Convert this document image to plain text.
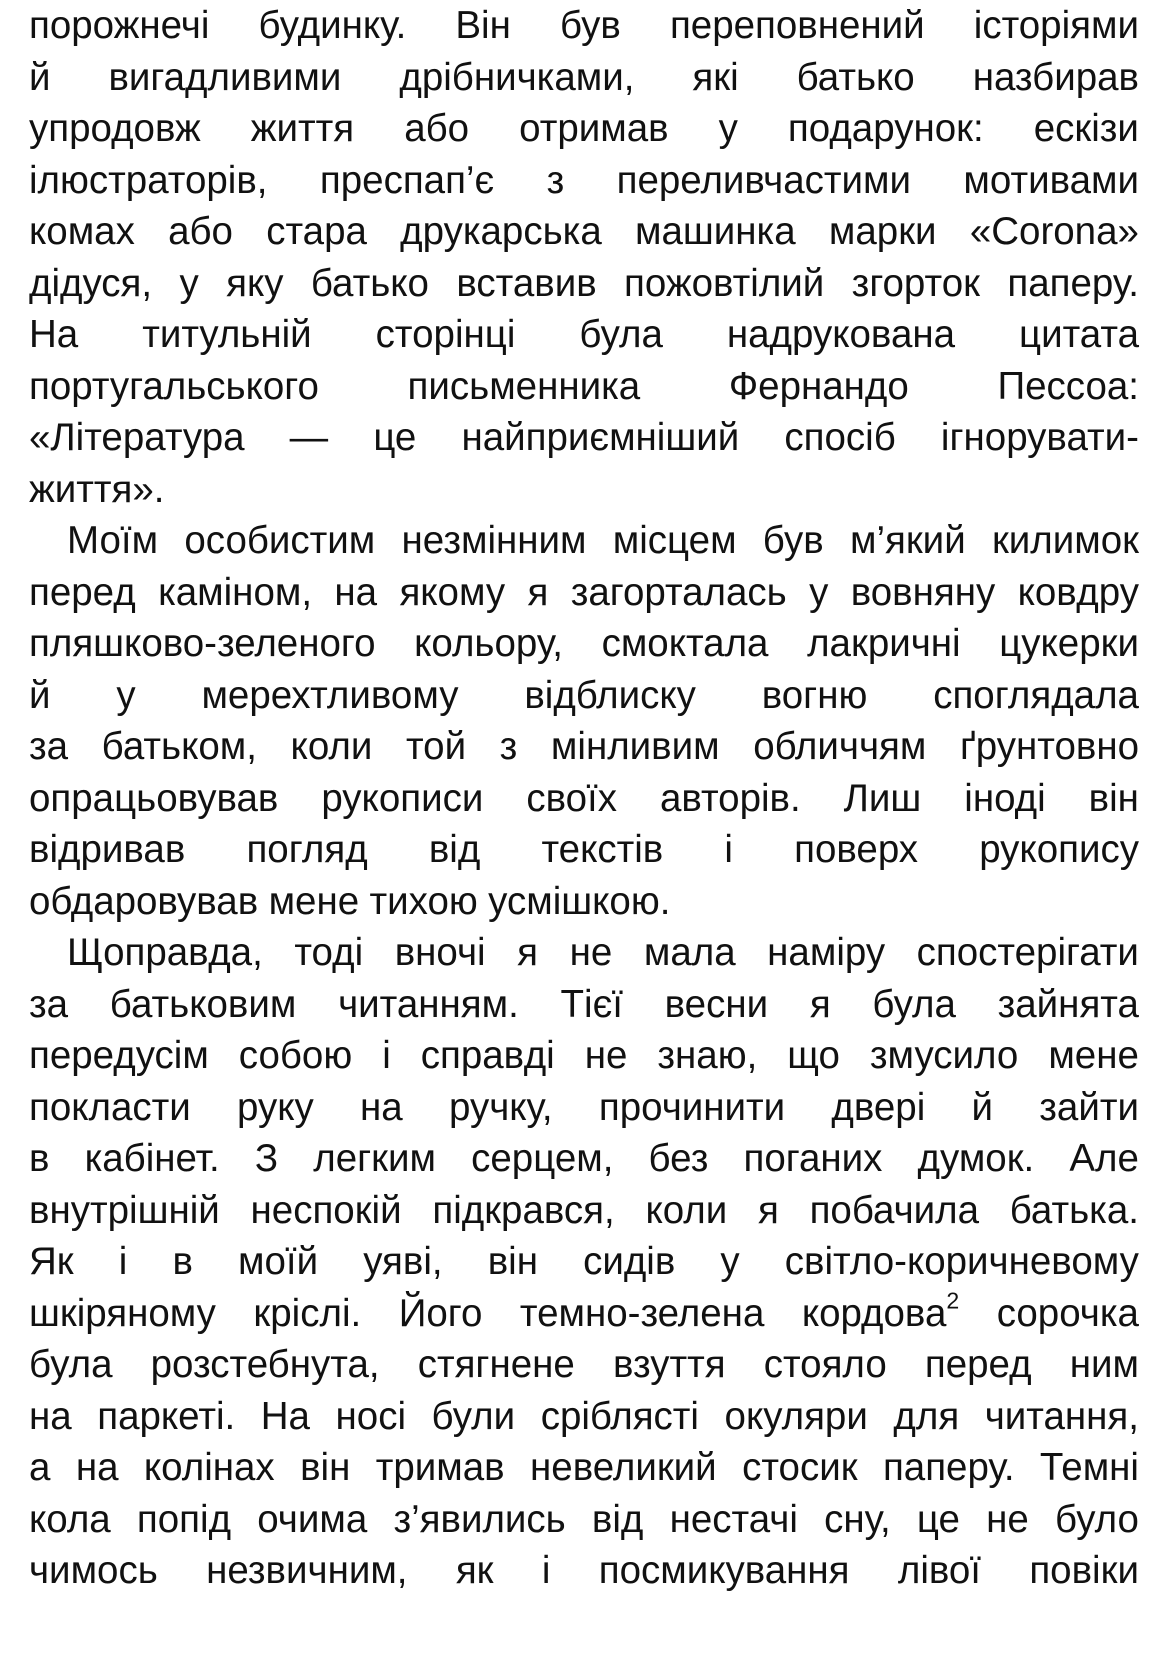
порожнечі будинку. Він був переповнений історіями
й вигадливими дрібничками, які батько назбирав
упродовж життя або отримав у подарунок: ескізи
ілюстраторів, преспап’є з переливчастими мотивами
комах або стара друкарська машинка марки «Corona»
дідуся, у яку батько вставив пожовтілий згорток паперу.
На титульній сторінці була надрукована цитата
португальського письменника Фернандо Пессоа:
«Література — це найприємніший спосіб ігнорувати-
життя».
Моїм особистим незмінним місцем був м’який килимок
перед каміном, на якому я загорталась у вовняну ковдру
пляшково-зеленого кольору, смоктала лакричні цукерки
й у мерехтливому відблиску вогню споглядала
за батьком, коли той з мінливим обличчям ґрунтовно
опрацьовував рукописи своїх авторів. Лиш іноді він
відривав погляд від текстів і поверх рукопису
обдаровував мене тихою усмішкою.
Щоправда, тоді вночі я не мала наміру спостерігати
за батьковим читанням. Тієї весни я була зайнята
передусім собою і справді не знаю, що змусило мене
покласти руку на ручку, прочинити двері й зайти
в кабінет. З легким серцем, без поганих думок. Але
внутрішній неспокій підкрався, коли я побачила батька.
Як і в моїй уяві, він сидів у світло-коричневому
шкіряному кріслі. Його темно-зелена кордова$^2$ сорочка
була розстебнута, стягнене взуття стояло перед ним
на паркеті. На носі були сріблясті окуляри для читання,
а на колінах він тримав невеликий стосик паперу. Темні
кола попід очима з’явились від нестачі сну, це не було
чимось незвичним, як і посмикування лівої повіки
